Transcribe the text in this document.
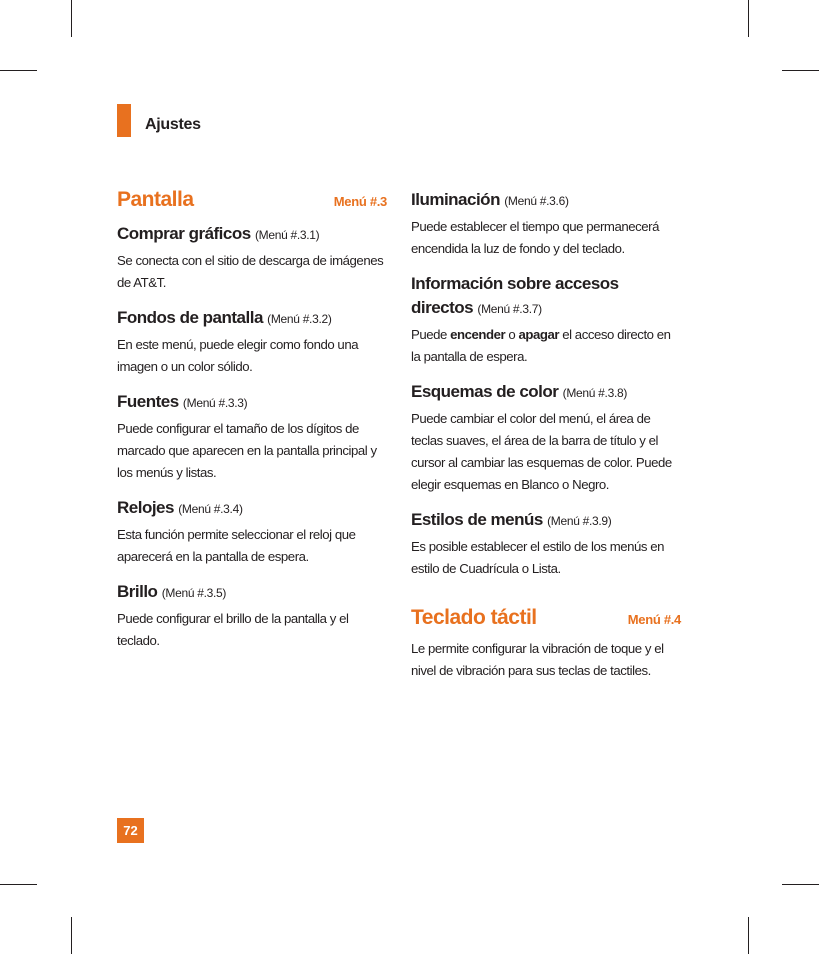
Ajustes
Pantalla	Menú #.3
Comprar gráficos (Menú #.3.1)
Se conecta con el sitio de descarga de imágenes de AT&T.
Fondos de pantalla (Menú #.3.2)
En este menú, puede elegir como fondo una imagen o un color sólido.
Fuentes (Menú #.3.3)
Puede configurar el tamaño de los dígitos de marcado que aparecen en la pantalla principal y los menús y listas.
Relojes (Menú #.3.4)
Esta función permite seleccionar el reloj que aparecerá en la pantalla de espera.
Brillo (Menú #.3.5)
Puede configurar el brillo de la pantalla y el teclado.
Iluminación (Menú #.3.6)
Puede establecer el tiempo que permanecerá encendida la luz de fondo y del teclado.
Información sobre accesos directos (Menú #.3.7)
Puede encender o apagar el acceso directo en la pantalla de espera.
Esquemas de color (Menú #.3.8)
Puede cambiar el color del menú, el área de teclas suaves, el área de la barra de título y el cursor al cambiar las esquemas de color. Puede elegir esquemas en Blanco o Negro.
Estilos de menús (Menú #.3.9)
Es posible establecer el estilo de los menús en estilo de Cuadrícula o Lista.
Teclado táctil	Menú #.4
Le permite configurar la vibración de toque y el nivel de vibración para sus teclas de tactiles.
72
